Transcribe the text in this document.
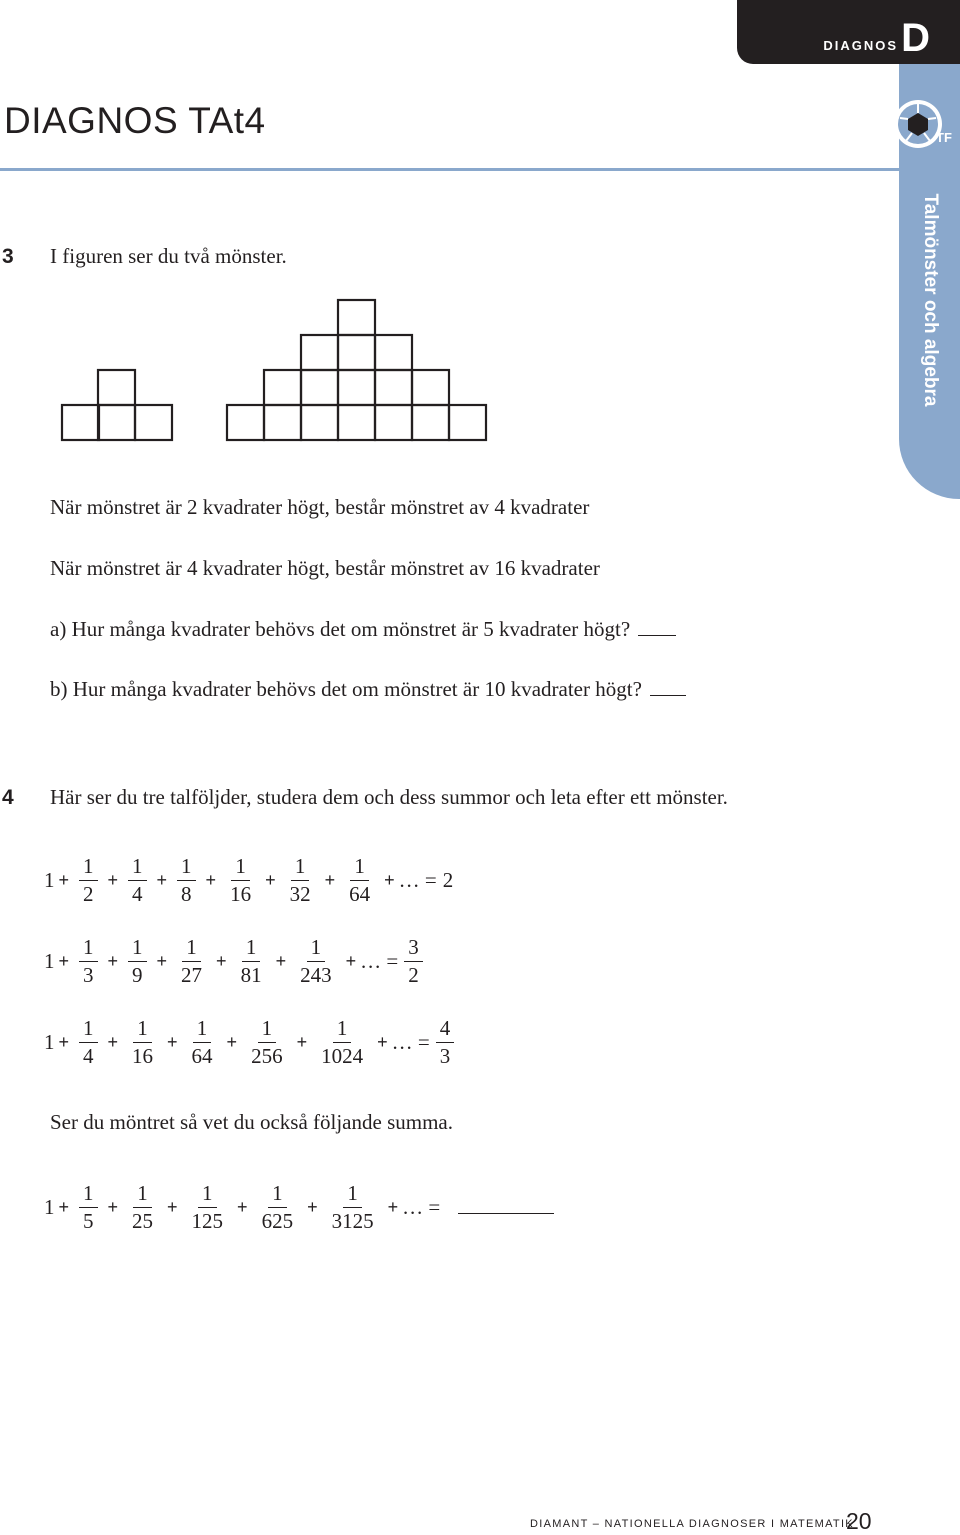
DIAGNOS D
DIAGNOS TAt4	TF
Talmönster och algebra
3 I figuren ser du två mönster.
När mönstret är 2 kvadrater högt, består mönstret av 4 kvadrater
När mönstret är 4 kvadrater högt, består mönstret av 16 kvadrater
a) Hur många kvadrater behövs det om mönstret är 5 kvadrater högt?
b) Hur många kvadrater behövs det om mönstret är 10 kvadrater högt?
4 Här ser du tre talföljder, studera dem och dess summor och leta efter ett mönster.
$1 + \frac{1}{2} + \frac{1}{4} + \frac{1}{8} + \frac{1}{16} + \frac{1}{32} + \frac{1}{64}$ + … = 2
$1 + \frac{1}{3} + \frac{1}{9} + \frac{1}{27} + \frac{1}{81} + \frac{1}{243}$ + … = $\frac{3}{2}$
$1 + \frac{1}{4} + \frac{1}{16} + \frac{1}{64} + \frac{1}{256} + \frac{1}{1024}$ + … = $\frac{4}{3}$
Ser du möntret så vet du också följande summa.
$1 + \frac{1}{5} + \frac{1}{25} + \frac{1}{125} + \frac{1}{625} + \frac{1}{3125}$ + … =
DIAMANT – NATIONELLA DIAGNOSER I MATEMATIK
20
